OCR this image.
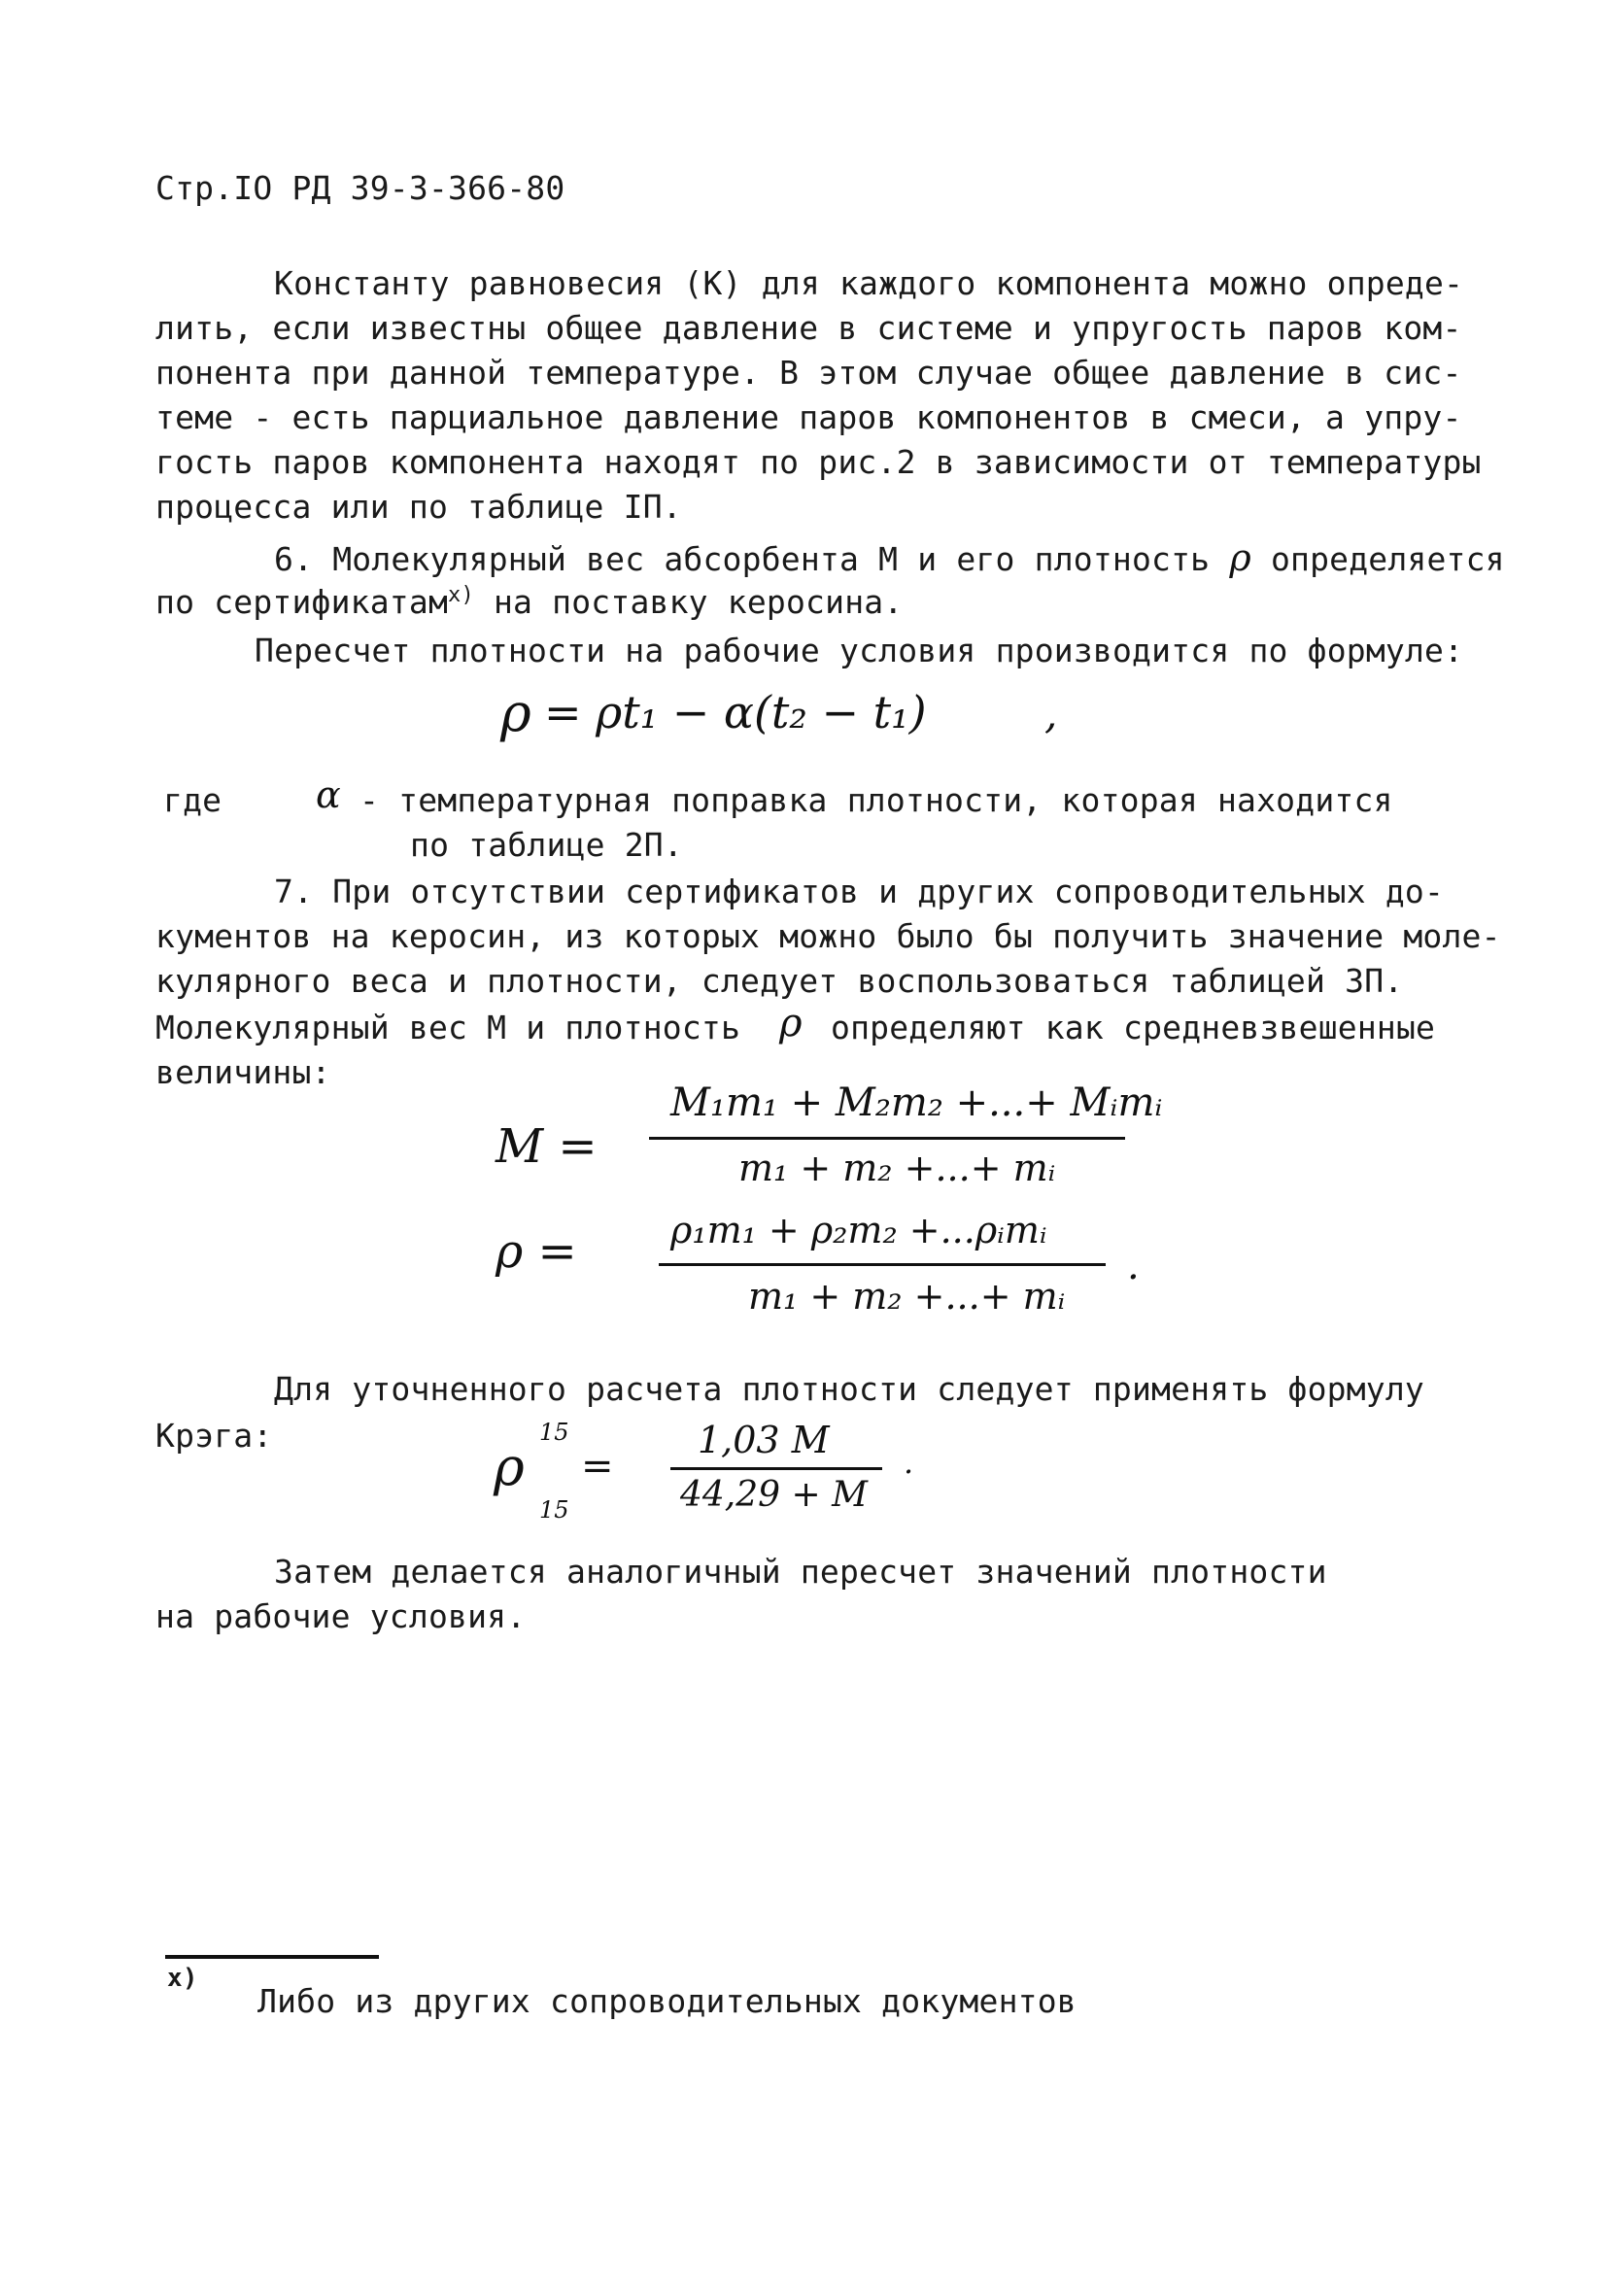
Стр.IO РД 39-3-366-80
Константу равновесия (К) для каждого компонента можно опреде-
лить, если известны общее давление в системе и упругость паров ком-
понента при данной температуре. В этом случае общее давление в сис-
теме - есть парциальное давление паров компонентов в смеси, а упру-
гость паров компонента находят по рис.2 в зависимости от температуры
процесса или по таблице IП.
6. Молекулярный вес абсорбента М и его плотность ρ определяется
по сертификатам$^{х)}$ на поставку керосина.
Пересчет плотности на рабочие условия производится по формуле:
ρ = ρt₁ − α(t₂ − t₁)	,
где	α - температурная поправка плотности, которая находится
по таблице 2П.
7. При отсутствии сертификатов и других сопроводительных до-
кументов на керосин, из которых можно было бы получить значение моле-
кулярного веса и плотности, следует воспользоваться таблицей 3П.
Молекулярный вес М и плотность ρ определяют как средневзвешенные
величины:
M =
M₁m₁ + M₂m₂ +...+ Mᵢmᵢ
m₁ + m₂ +...+ mᵢ
ρ =	ρ₁m₁ + ρ₂m₂ +...ρᵢmᵢ
m₁ + m₂ +...+ mᵢ
.
Для уточненного расчета плотности следует применять формулу
Крэга:
ρ
15
15
=
1,03 M
44,29 + M
.
Затем делается аналогичный пересчет значений плотности
на рабочие условия.
х)
Либо из других сопроводительных документов
